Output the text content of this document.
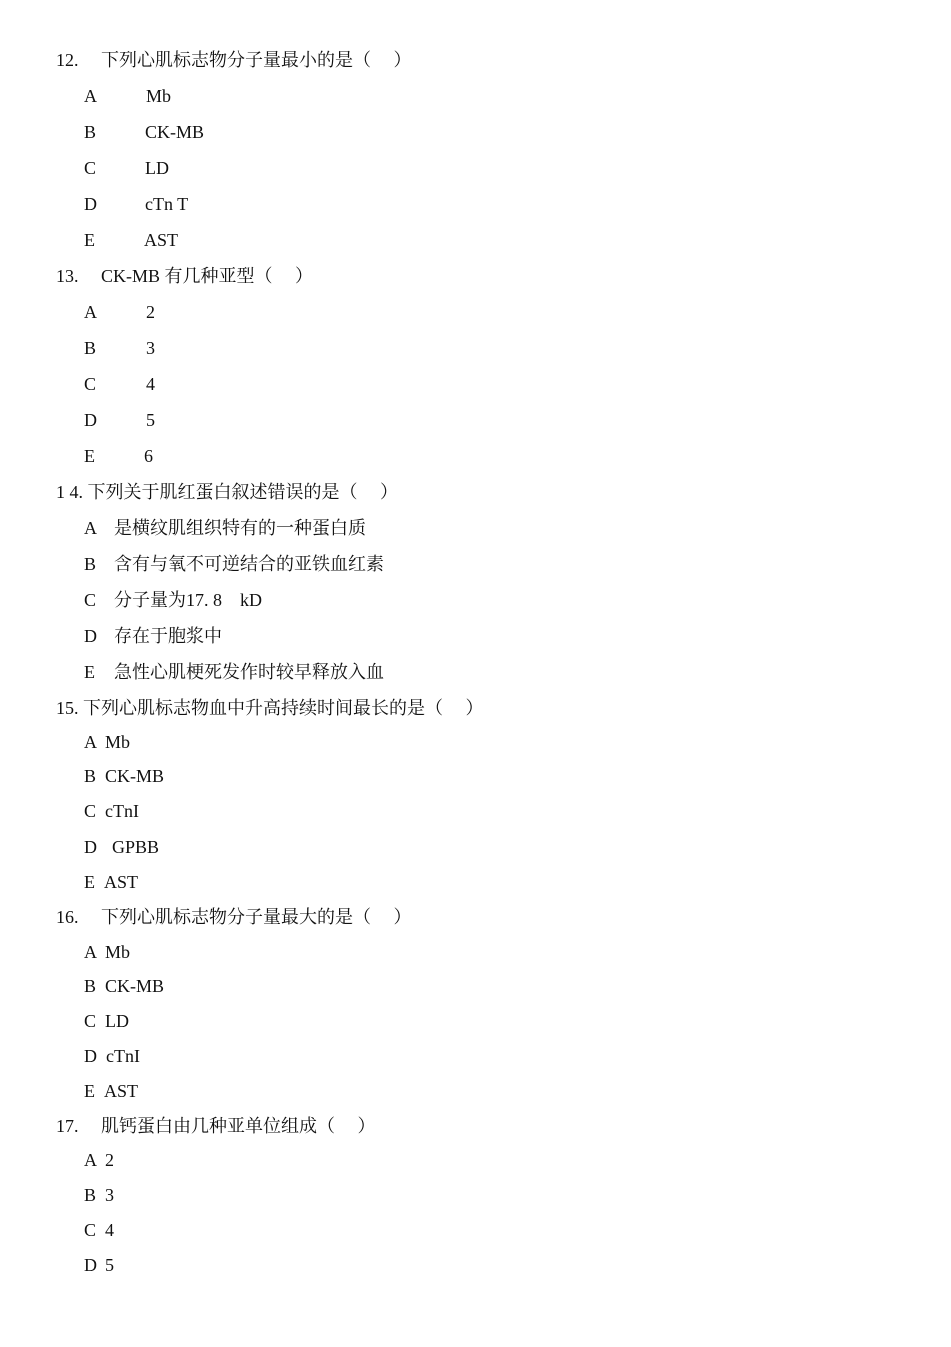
12.　 下列心肌标志物分子量最小的是（　 ）
A	Mb
B	CK-MB
C	LD
D	cTn T
E	AST
13.　 CK-MB 有几种亚型（　 ）
A	2
B	3
C	4
D	5
E	6
1 4. 下列关于肌红蛋白叙述错误的是（　 ）
A 是横纹肌组织特有的一种蛋白质
B 含有与氧不可逆结合的亚铁血红素
C 分子量为17. 8　kD
D 存在于胞浆中
E 急性心肌梗死发作时较早释放入血
15. 下列心肌标志物血中升高持续时间最长的是（　 ）
A Mb
B CK-MB
C cTnI
D GPBB
E AST
16.　 下列心肌标志物分子量最大的是（　 ）
A Mb
B CK-MB
C LD
D cTnI
E AST
17.　 肌钙蛋白由几种亚单位组成（　 ）
A 2
B 3
C 4
D 5
